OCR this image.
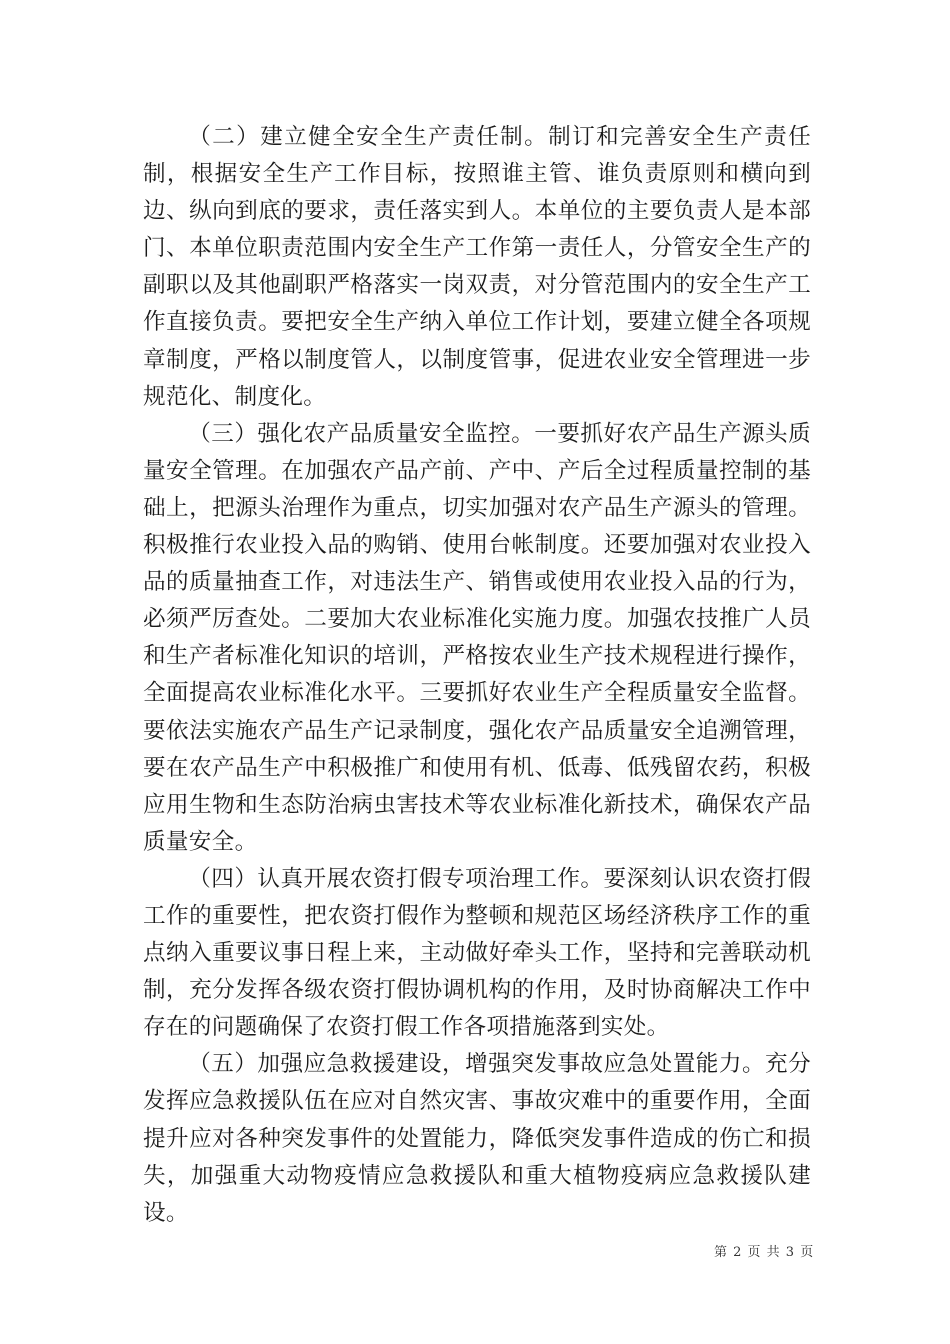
（二）建立健全安全生产责任制。制订和完善安全生产责任制，根据安全生产工作目标，按照谁主管、谁负责原则和横向到边、纵向到底的要求，责任落实到人。本单位的主要负责人是本部门、本单位职责范围内安全生产工作第一责任人，分管安全生产的副职以及其他副职严格落实一岗双责，对分管范围内的安全生产工作直接负责。要把安全生产纳入单位工作计划，要建立健全各项规章制度，严格以制度管人，以制度管事，促进农业安全管理进一步规范化、制度化。

（三）强化农产品质量安全监控。一要抓好农产品生产源头质量安全管理。在加强农产品产前、产中、产后全过程质量控制的基础上，把源头治理作为重点，切实加强对农产品生产源头的管理。积极推行农业投入品的购销、使用台帐制度。还要加强对农业投入品的质量抽查工作，对违法生产、销售或使用农业投入品的行为，必须严厉查处。二要加大农业标准化实施力度。加强农技推广人员和生产者标准化知识的培训，严格按农业生产技术规程进行操作，全面提高农业标准化水平。三要抓好农业生产全程质量安全监督。要依法实施农产品生产记录制度，强化农产品质量安全追溯管理，要在农产品生产中积极推广和使用有机、低毒、低残留农药，积极应用生物和生态防治病虫害技术等农业标准化新技术，确保农产品质量安全。

（四）认真开展农资打假专项治理工作。要深刻认识农资打假工作的重要性，把农资打假作为整顿和规范区场经济秩序工作的重点纳入重要议事日程上来，主动做好牵头工作，坚持和完善联动机制，充分发挥各级农资打假协调机构的作用，及时协商解决工作中存在的问题确保了农资打假工作各项措施落到实处。

（五）加强应急救援建设，增强突发事故应急处置能力。充分发挥应急救援队伍在应对自然灾害、事故灾难中的重要作用，全面提升应对各种突发事件的处置能力，降低突发事件造成的伤亡和损失，加强重大动物疫情应急救援队和重大植物疫病应急救援队建设。

第 2 页 共 3 页
